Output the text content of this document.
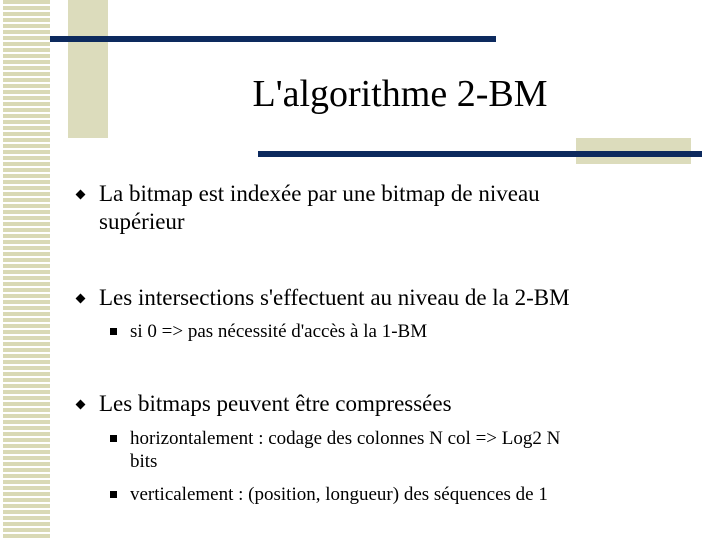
L'algorithme 2-BM
La bitmap est indexée par une bitmap de niveau
supérieur
Les intersections s'effectuent au niveau de la 2-BM
si 0 => pas nécessité d'accès à la 1-BM
Les bitmaps peuvent être compressées
horizontalement : codage des colonnes N col => Log2 N
bits
verticalement : (position, longueur) des séquences de 1
